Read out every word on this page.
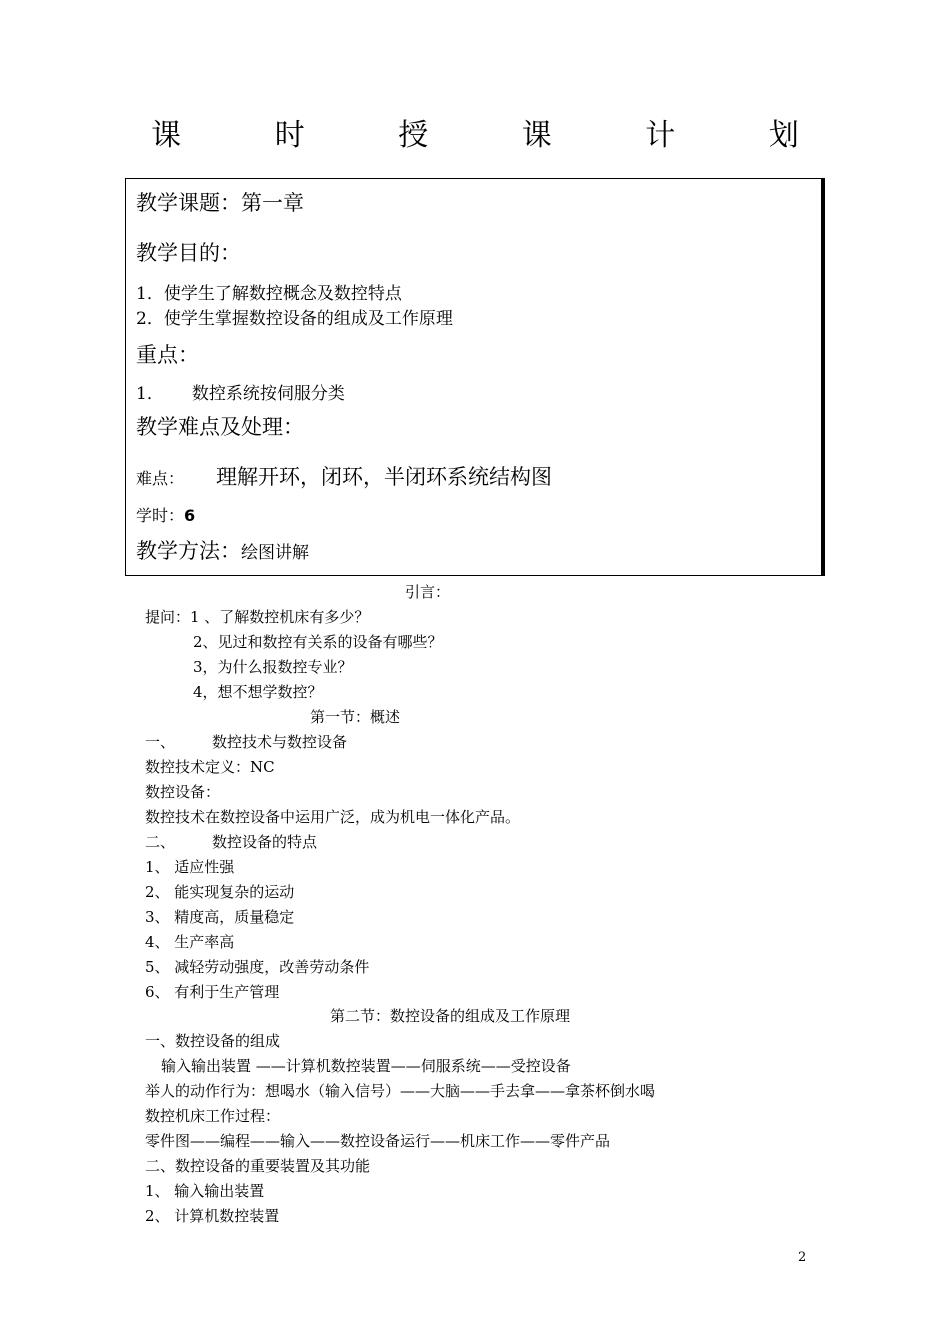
课 时 授 课 计 划
教学课题：第一章
教学目的：
1．使学生了解数控概念及数控特点
2．使学生掌握数控设备的组成及工作原理
重点：
1． 数控系统按伺服分类
教学难点及处理：
难点： 理解开环，闭环，半闭环系统结构图
学时：6
教学方法：绘图讲解
引言：
提问：1 、了解数控机床有多少？
2、见过和数控有关系的设备有哪些？
3，为什么报数控专业？
4，想不想学数控？
第一节：概述
一、 数控技术与数控设备
数控技术定义：NC
数控设备：
数控技术在数控设备中运用广泛，成为机电一体化产品。
二、 数控设备的特点
1、 适应性强
2、 能实现复杂的运动
3、 精度高，质量稳定
4、 生产率高
5、 减轻劳动强度，改善劳动条件
6、 有利于生产管理
第二节：数控设备的组成及工作原理
一、数控设备的组成
输入输出装置 ——计算机数控装置——伺服系统——受控设备
举人的动作行为：想喝水（输入信号）——大脑——手去拿——拿茶杯倒水喝
数控机床工作过程：
零件图——编程——输入——数控设备运行——机床工作——零件产品
二、数控设备的重要装置及其功能
1、 输入输出装置
2、 计算机数控装置
2
